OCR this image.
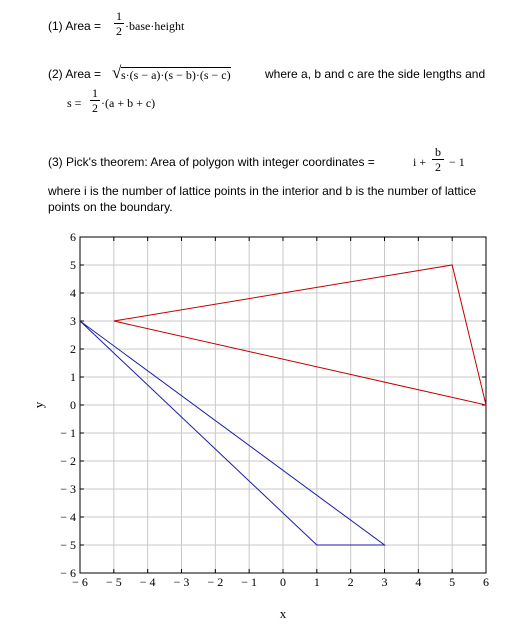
(1) Area =
1
2 ·base·height
(2) Area = √ s·(s − a)·(s − b)·(s − c)	where a, b and c are the side lengths and
s =
1
2 ·(a + b + c)
(3) Pick's theorem: Area of polygon with integer coordinates =	i +
b
2 − 1
where i is the number of lattice points in the interior and b is the number of lattice
points on the boundary.
− 6 − 5 − 4 − 3 − 2 − 1 0 1 2 3 4 5 6
6
5
4
3
2
1
0
− 1
− 2
− 3
− 4
− 5
− 6
x
y
